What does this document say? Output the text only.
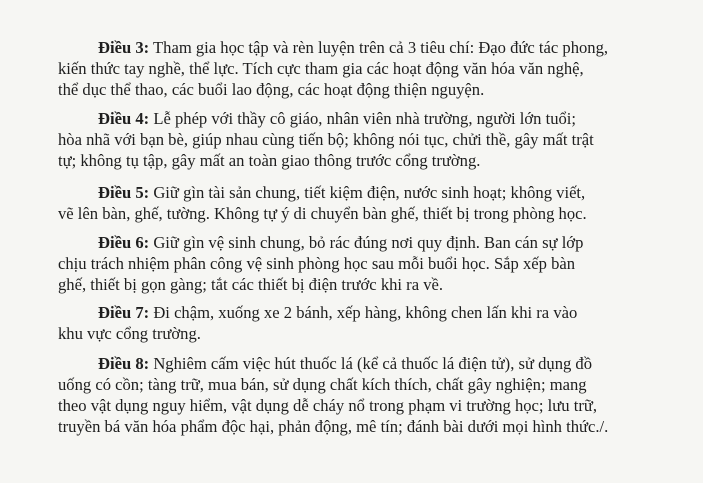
Điều 3: Tham gia học tập và rèn luyện trên cả 3 tiêu chí: Đạo đức tác phong,
kiến thức tay nghề, thể lực. Tích cực tham gia các hoạt động văn hóa văn nghệ,
thể dục thể thao, các buổi lao động, các hoạt động thiện nguyện.

Điều 4: Lễ phép với thầy cô giáo, nhân viên nhà trường, người lớn tuổi;
hòa nhã với bạn bè, giúp nhau cùng tiến bộ; không nói tục, chửi thề, gây mất trật
tự; không tụ tập, gây mất an toàn giao thông trước cổng trường.

Điều 5: Giữ gìn tài sản chung, tiết kiệm điện, nước sinh hoạt; không viết,
vẽ lên bàn, ghế, tường. Không tự ý di chuyển bàn ghế, thiết bị trong phòng học.

Điều 6: Giữ gìn vệ sinh chung, bỏ rác đúng nơi quy định. Ban cán sự lớp
chịu trách nhiệm phân công vệ sinh phòng học sau mỗi buổi học. Sắp xếp bàn
ghế, thiết bị gọn gàng; tắt các thiết bị điện trước khi ra về.

Điều 7: Đi chậm, xuống xe 2 bánh, xếp hàng, không chen lấn khi ra vào
khu vực cổng trường.

Điều 8: Nghiêm cấm việc hút thuốc lá (kể cả thuốc lá điện tử), sử dụng đồ
uống có cồn; tàng trữ, mua bán, sử dụng chất kích thích, chất gây nghiện; mang
theo vật dụng nguy hiểm, vật dụng dễ cháy nổ trong phạm vi trường học; lưu trữ,
truyền bá văn hóa phẩm độc hại, phản động, mê tín; đánh bài dưới mọi hình thức./.
